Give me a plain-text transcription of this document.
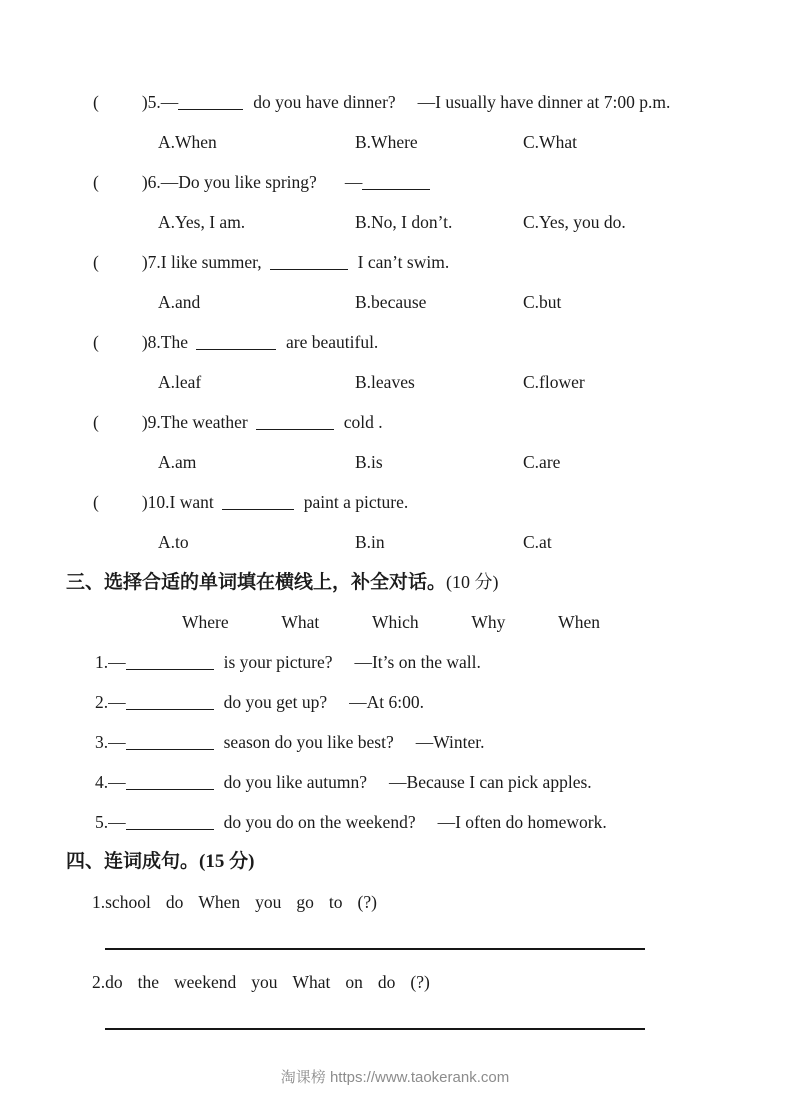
( )5.—	do you have dinner? —I usually have dinner at 7:00 p.m.
A.When	B.Where	C.What
( )6.—Do you like spring? —
A.Yes, I am.	B.No, I don’t.	C.Yes, you do.
( )7.I like summer,	I can’t swim.
A.and	B.because	C.but
( )8.The	are beautiful.
A.leaf	B.leaves	C.flower
( )9.The weather	cold .
A.am	B.is	C.are
( )10.I want	paint a picture.
A.to	B.in	C.at
三、选择合适的单词填在横线上，补全对话。(10 分)
Where	What	Which	Why	When
1.—	is your picture? —It’s on the wall.
2.—	do you get up? —At 6:00.
3.—	season do you like best? —Winter.
4.—	do you like autumn? —Because I can pick apples.
5.—	do you do on the weekend? —I often do homework.
四、连词成句。(15 分)
1.school do When you go to (?)
2.do the weekend you What on do (?)
淘课榜 https://www.taokerank.com
